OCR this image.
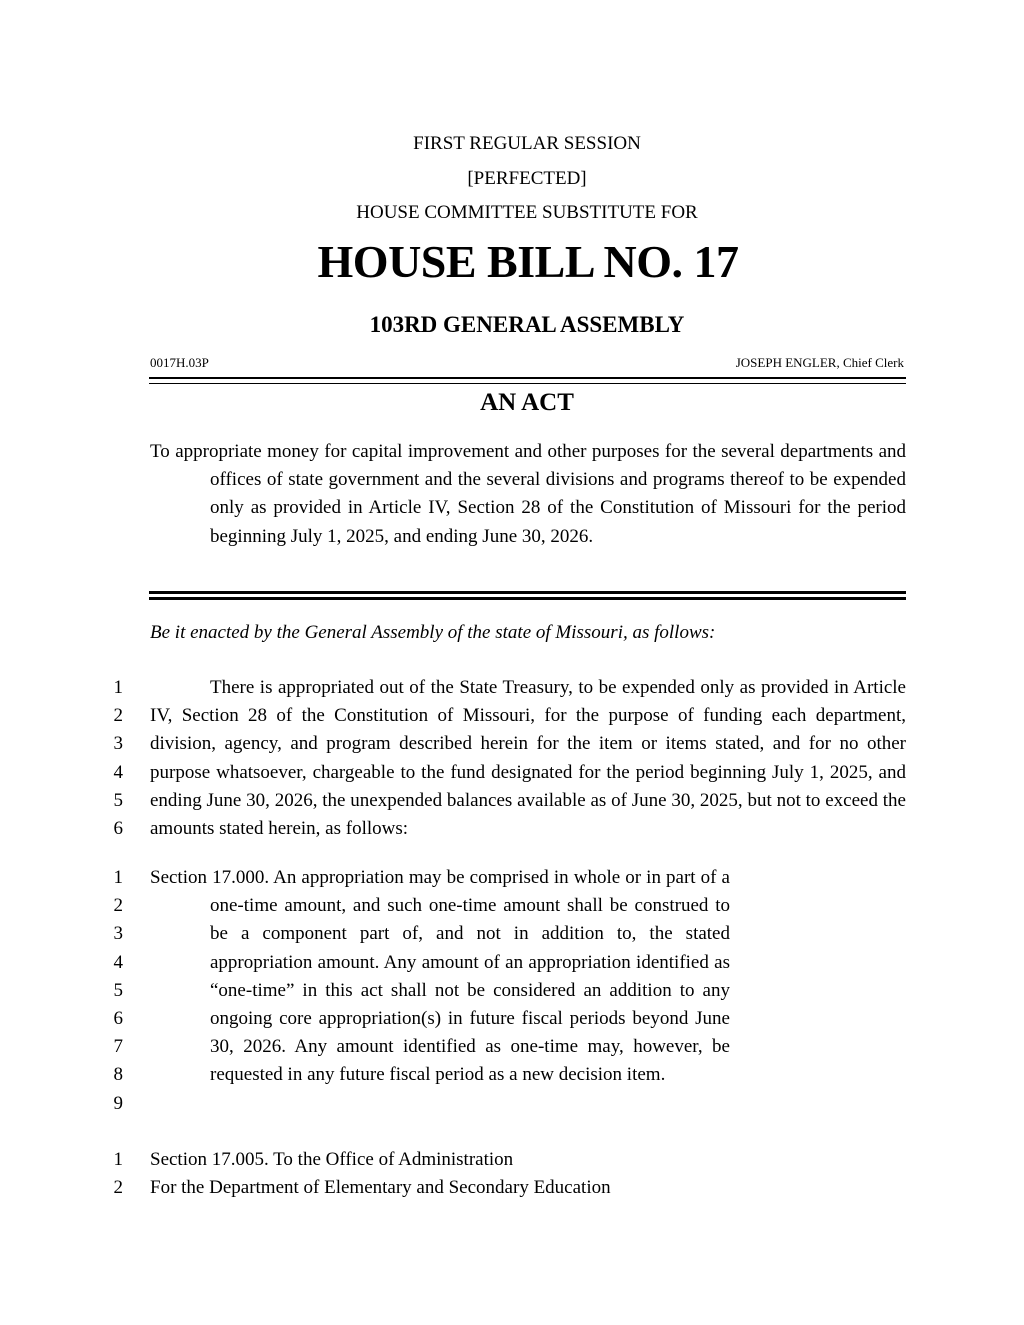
FIRST REGULAR SESSION
[PERFECTED]
HOUSE COMMITTEE SUBSTITUTE FOR
HOUSE BILL NO. 17
103RD GENERAL ASSEMBLY
0017H.03P	JOSEPH ENGLER, Chief Clerk
AN ACT
To appropriate money for capital improvement and other purposes for the several departments and offices of state government and the several divisions and programs thereof to be expended only as provided in Article IV, Section 28 of the Constitution of Missouri for the period beginning July 1, 2025, and ending June 30, 2026.
Be it enacted by the General Assembly of the state of Missouri, as follows:
1
2
3
4
5
6

There is appropriated out of the State Treasury, to be expended only as provided in Article IV, Section 28 of the Constitution of Missouri, for the purpose of funding each department, division, agency, and program described herein for the item or items stated, and for no other purpose whatsoever, chargeable to the fund designated for the period beginning July 1, 2025, and ending June 30, 2026, the unexpended balances available as of June 30, 2025, but not to exceed the amounts stated herein, as follows:

1
2
3
4
5
6
7
8
9

Section 17.000. An appropriation may be comprised in whole or in part of a one-time amount, and such one-time amount shall be construed to be a component part of, and not in addition to, the stated appropriation amount. Any amount of an appropriation identified as “one-time” in this act shall not be considered an addition to any ongoing core appropriation(s) in future fiscal periods beyond June 30, 2026. Any amount identified as one-time may, however, be requested in any future fiscal period as a new decision item.

1
2
Section 17.005. To the Office of Administration
For the Department of Elementary and Secondary Education
